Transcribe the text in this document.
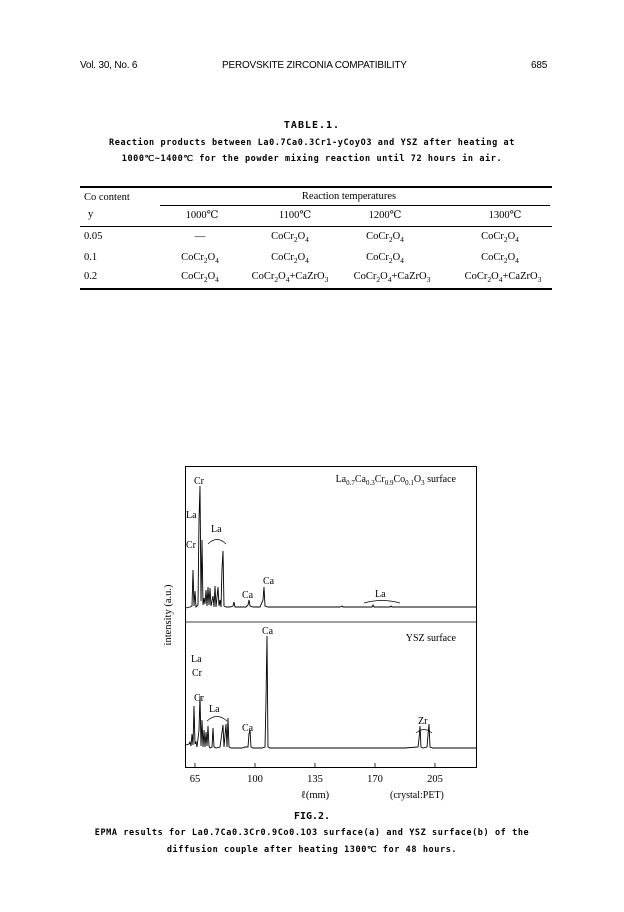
Vol. 30, No. 6	PEROVSKITE ZIRCONIA COMPATIBILITY	685
TABLE.1.
Reaction products between La0.7Ca0.3Cr1-yCoyO3 and YSZ after heating at
1000℃~1400℃ for the powder mixing reaction until 72 hours in air.
Co content	Reaction temperatures
y	1000℃	1100℃	1200℃	1300℃
0.05	—	$CoCr_2O_4$	$CoCr_2O_4$	$CoCr_2O_4$
0.1	$CoCr_2O_4$	$CoCr_2O_4$	$CoCr_2O_4$	$CoCr_2O_4$
0.2	$CoCr_2O_4$	$CoCr_2O_4+CaZrO_3$	$CoCr_2O_4+CaZrO_3$	$CoCr_2O_4+CaZrO_3$
65	100	135	170	205
ℓ(mm)	(crystal:PET)
intensity (a.u.)
$La_{0.7}Ca_{0.3}Cr_{0.9}Co_{0.1}O_3$ surface
YSZ surface
Cr
La
Cr
La
Ca
Ca	La
Ca
La
Cr
Cr
La
Ca
Zr
FIG.2.
EPMA results for La0.7Ca0.3Cr0.9Co0.1O3 surface(a) and YSZ surface(b) of the
diffusion couple after heating 1300℃ for 48 hours.
